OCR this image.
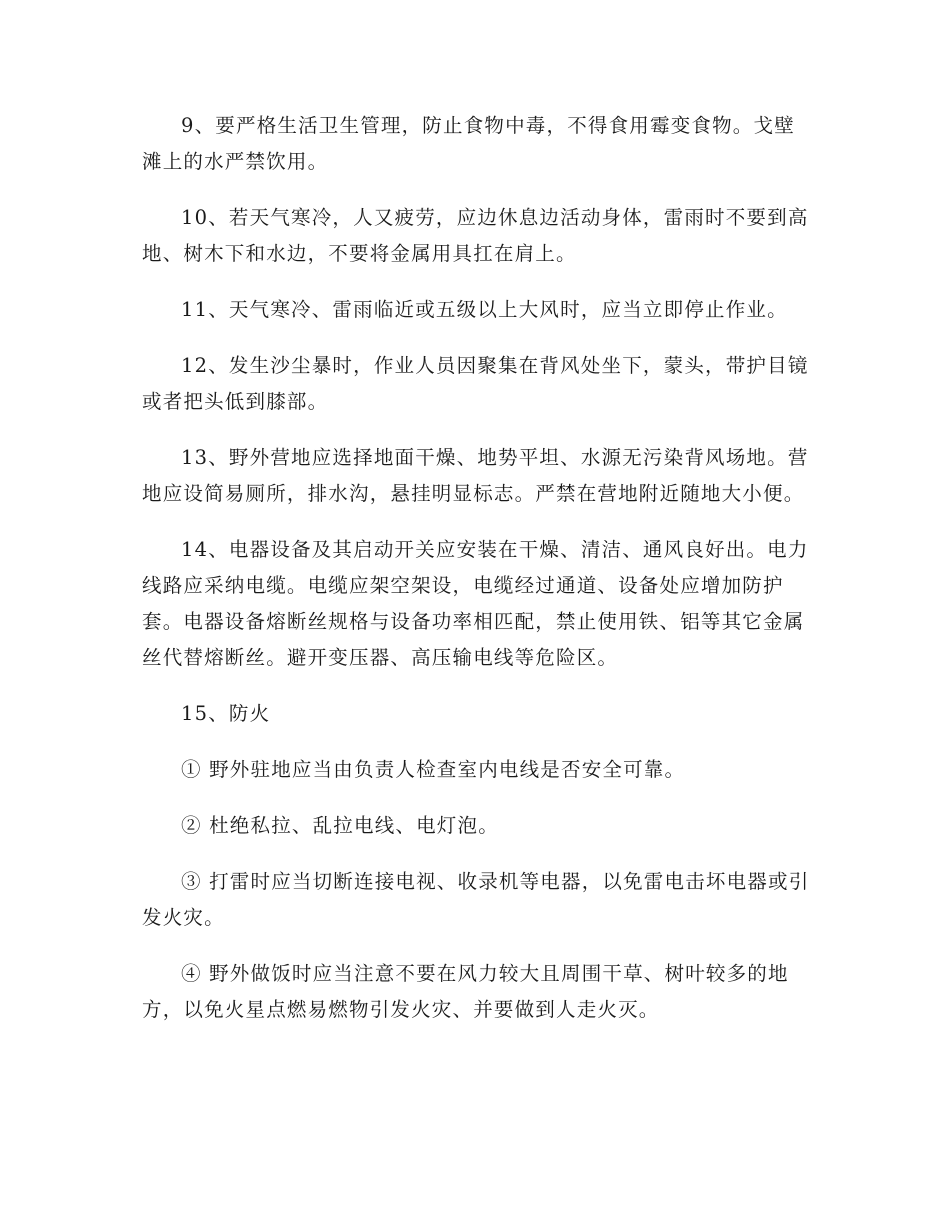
9、要严格生活卫生管理，防止食物中毒，不得食用霉变食物。戈壁滩上的水严禁饮用。

10、若天气寒冷，人又疲劳，应边休息边活动身体，雷雨时不要到高地、树木下和水边，不要将金属用具扛在肩上。

11、天气寒冷、雷雨临近或五级以上大风时，应当立即停止作业。

12、发生沙尘暴时，作业人员因聚集在背风处坐下，蒙头，带护目镜或者把头低到膝部。

13、野外营地应选择地面干燥、地势平坦、水源无污染背风场地。营地应设简易厕所，排水沟，悬挂明显标志。严禁在营地附近随地大小便。

14、电器设备及其启动开关应安装在干燥、清洁、通风良好出。电力线路应采纳电缆。电缆应架空架设，电缆经过通道、设备处应增加防护套。电器设备熔断丝规格与设备功率相匹配，禁止使用铁、铝等其它金属丝代替熔断丝。避开变压器、高压输电线等危险区。

15、防火

① 野外驻地应当由负责人检查室内电线是否安全可靠。

② 杜绝私拉、乱拉电线、电灯泡。

③ 打雷时应当切断连接电视、收录机等电器，以免雷电击坏电器或引发火灾。

④ 野外做饭时应当注意不要在风力较大且周围干草、树叶较多的地方，以免火星点燃易燃物引发火灾、并要做到人走火灭。
